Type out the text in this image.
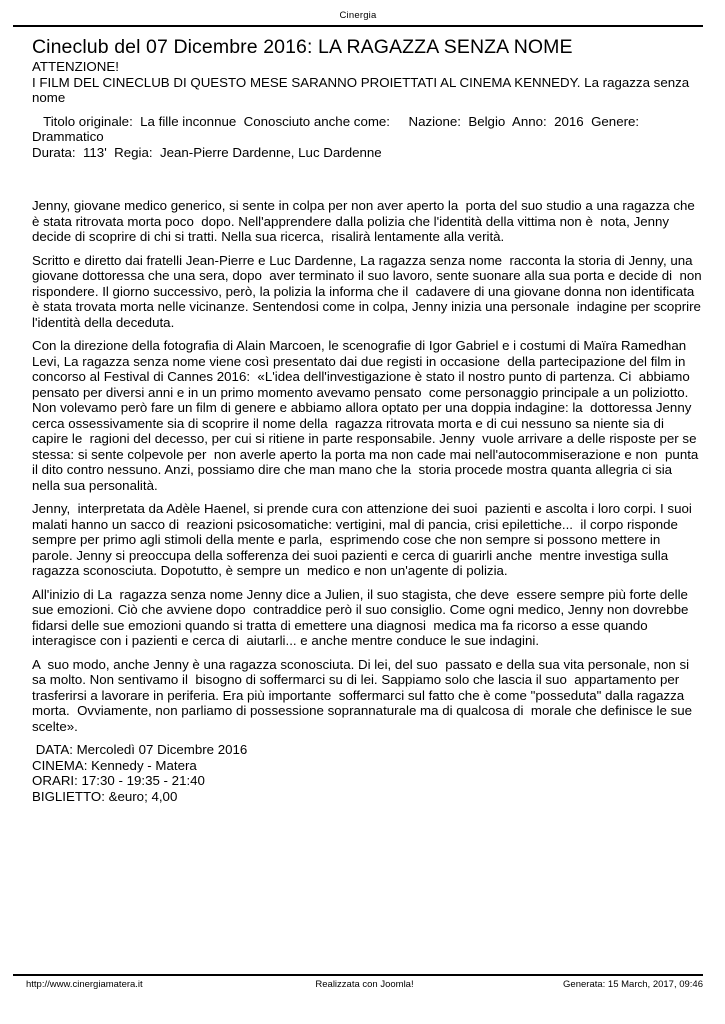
Cinergia
Cineclub del 07 Dicembre 2016: LA RAGAZZA SENZA NOME
ATTENZIONE!
I FILM DEL CINECLUB DI QUESTO MESE SARANNO PROIETTATI AL CINEMA KENNEDY. La ragazza senza nome
Titolo originale:  La fille inconnue  Conosciuto anche come:     Nazione:  Belgio  Anno:  2016  Genere:  Drammatico
Durata:  113'  Regia:  Jean-Pierre Dardenne, Luc Dardenne

Jenny, giovane medico generico, si sente in colpa per non aver aperto la  porta del suo studio a una ragazza che è stata ritrovata morta poco  dopo. Nell'apprendere dalla polizia che l'identità della vittima non è  nota, Jenny decide di scoprire di chi si tratti. Nella sua ricerca,  risalirà lentamente alla verità.

Scritto e diretto dai fratelli Jean-Pierre e Luc Dardenne, La ragazza senza nome  racconta la storia di Jenny, una giovane dottoressa che una sera, dopo  aver terminato il suo lavoro, sente suonare alla sua porta e decide di  non rispondere. Il giorno successivo, però, la polizia la informa che il  cadavere di una giovane donna non identificata è stata trovata morta nelle vicinanze. Sentendosi come in colpa, Jenny inizia una personale  indagine per scoprire l'identità della deceduta.

Con la direzione della fotografia di Alain Marcoen, le scenografie di Igor Gabriel e i costumi di Maïra Ramedhan Levi, La ragazza senza nome viene così presentato dai due registi in occasione  della partecipazione del film in concorso al Festival di Cannes 2016:  «L'idea dell'investigazione è stato il nostro punto di partenza. Ci  abbiamo pensato per diversi anni e in un primo momento avevamo pensato  come personaggio principale a un poliziotto. Non volevamo però fare un film di genere e abbiamo allora optato per una doppia indagine: la  dottoressa Jenny cerca ossessivamente sia di scoprire il nome della  ragazza ritrovata morta e di cui nessuno sa niente sia di capire le  ragioni del decesso, per cui si ritiene in parte responsabile. Jenny  vuole arrivare a delle risposte per se stessa: si sente colpevole per  non averle aperto la porta ma non cade mai nell'autocommiserazione e non  punta il dito contro nessuno. Anzi, possiamo dire che man mano che la  storia procede mostra quanta allegria ci sia nella sua personalità.

Jenny,  interpretata da Adèle Haenel, si prende cura con attenzione dei suoi  pazienti e ascolta i loro corpi. I suoi malati hanno un sacco di  reazioni psicosomatiche: vertigini, mal di pancia, crisi epilettiche...  il corpo risponde sempre per primo agli stimoli della mente e parla,  esprimendo cose che non sempre si possono mettere in parole. Jenny si preoccupa della sofferenza dei suoi pazienti e cerca di guarirli anche  mentre investiga sulla ragazza sconosciuta. Dopotutto, è sempre un  medico e non un'agente di polizia.

All'inizio di La  ragazza senza nome Jenny dice a Julien, il suo stagista, che deve  essere sempre più forte delle sue emozioni. Ciò che avviene dopo  contraddice però il suo consiglio. Come ogni medico, Jenny non dovrebbe  fidarsi delle sue emozioni quando si tratta di emettere una diagnosi  medica ma fa ricorso a esse quando interagisce con i pazienti e cerca di  aiutarli... e anche mentre conduce le sue indagini.

A  suo modo, anche Jenny è una ragazza sconosciuta. Di lei, del suo  passato e della sua vita personale, non si sa molto. Non sentivamo il  bisogno di soffermarci su di lei. Sappiamo solo che lascia il suo  appartamento per trasferirsi a lavorare in periferia. Era più importante  soffermarci sul fatto che è come "posseduta" dalla ragazza morta.  Ovviamente, non parliamo di possessione soprannaturale ma di qualcosa di  morale che definisce le sue scelte».

DATA: Mercoledì 07 Dicembre 2016
CINEMA: Kennedy - Matera
ORARI: 17:30 - 19:35 - 21:40
BIGLIETTO: &euro; 4,00
http://www.cinergiamatera.it	Realizzata con Joomla!	Generata: 15 March, 2017, 09:46
